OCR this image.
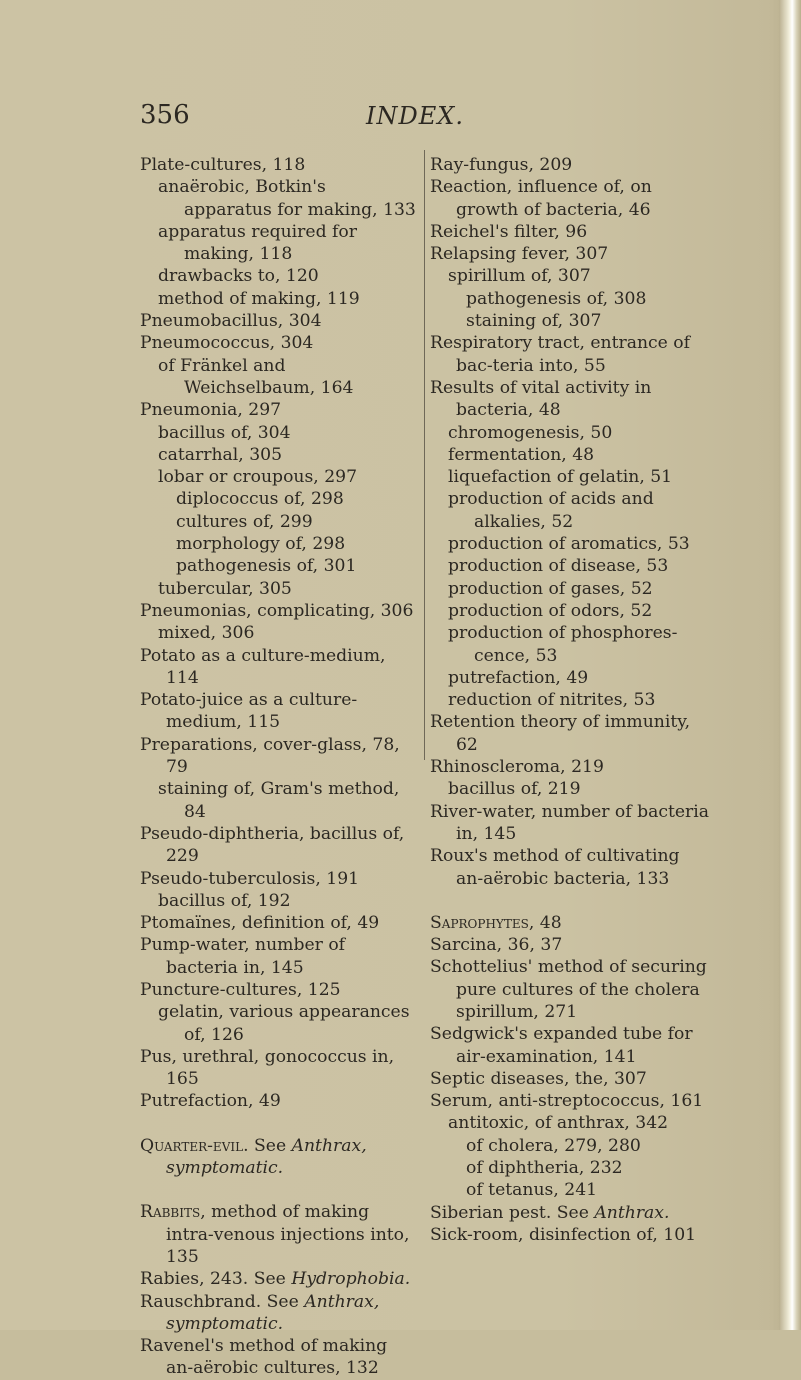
356	INDEX.
Plate-cultures, 118
anaërobic, Botkin's apparatus for making, 133
apparatus required for making, 118
drawbacks to, 120
method of making, 119
Pneumobacillus, 304
Pneumococcus, 304
of Fränkel and Weichselbaum, 164
Pneumonia, 297
bacillus of, 304
catarrhal, 305
lobar or croupous, 297
diplococcus of, 298
cultures of, 299
morphology of, 298
pathogenesis of, 301
tubercular, 305
Pneumonias, complicating, 306
mixed, 306
Potato as a culture-medium, 114
Potato-juice as a culture-medium, 115
Preparations, cover-glass, 78, 79
staining of, Gram's method, 84
Pseudo-diphtheria, bacillus of, 229
Pseudo-tuberculosis, 191
bacillus of, 192
Ptomaïnes, definition of, 49
Pump-water, number of bacteria in, 145
Puncture-cultures, 125
gelatin, various appearances of, 126
Pus, urethral, gonococcus in, 165
Putrefaction, 49
Quarter-evil. See Anthrax, symptomatic.
Rabbits, method of making intra-venous injections into, 135
Rabies, 243. See Hydrophobia.
Rauschbrand. See Anthrax, symptomatic.
Ravenel's method of making an-aërobic cultures, 132
Ray-fungus, 209
Reaction, influence of, on growth of bacteria, 46
Reichel's filter, 96
Relapsing fever, 307
spirillum of, 307
pathogenesis of, 308
staining of, 307
Respiratory tract, entrance of bac-teria into, 55
Results of vital activity in bacteria, 48
chromogenesis, 50
fermentation, 48
liquefaction of gelatin, 51
production of acids and alkalies, 52
production of aromatics, 53
production of disease, 53
production of gases, 52
production of odors, 52
production of phosphores-cence, 53
putrefaction, 49
reduction of nitrites, 53
Retention theory of immunity, 62
Rhinoscleroma, 219
bacillus of, 219
River-water, number of bacteria in, 145
Roux's method of cultivating an-aërobic bacteria, 133
Saprophytes, 48
Sarcina, 36, 37
Schottelius' method of securing pure cultures of the cholera spirillum, 271
Sedgwick's expanded tube for air-examination, 141
Septic diseases, the, 307
Serum, anti-streptococcus, 161
antitoxic, of anthrax, 342
of cholera, 279, 280
of diphtheria, 232
of tetanus, 241
Siberian pest. See Anthrax.
Sick-room, disinfection of, 101
